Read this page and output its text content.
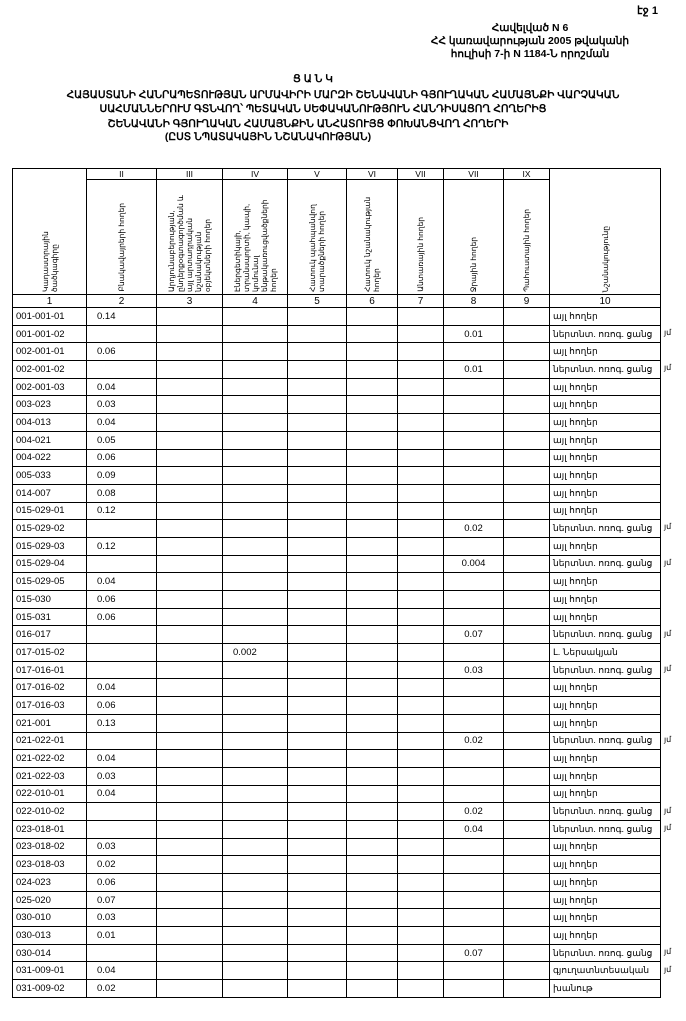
էջ 1
Հավելված N 6
ՀՀ կառավարության 2005 թվականի
հուլիսի 7-ի N 1184-Ն որոշման
Ց Ա Ն Կ
ՀԱՅԱՍՏԱՆԻ ՀԱՆՐԱՊԵՏՈՒԹՅԱՆ ԱՐՄԱՎԻՐԻ ՄԱՐԶԻ ՇԵՆԱՎԱՆԻ ԳՅՈՒՂԱԿԱՆ ՀԱՄԱՅՆՔԻ ՎԱՐՉԱԿԱՆ
ՍԱՀՄԱՆՆԵՐՈՒՄ ԳՏՆՎՈՂ՝ ՊԵՏԱԿԱՆ ՍԵՓԱԿԱՆՈՒԹՅՈՒՆ ՀԱՆԴԻՍԱՑՈՂ ՀՈՂԵՐԻՑ
ՇԵՆԱՎԱՆԻ ԳՅՈՒՂԱԿԱՆ ՀԱՄԱՅՆՔԻՆ ԱՆՀԱՏՈՒՅՑ ՓՈԽԱՆՑՎՈՂ ՀՈՂԵՐԻ
(ԸՍՏ ՆՊԱՏԱԿԱՅԻՆ ՆՇԱՆԱԿՈՒԹՅԱՆ)
Կադաստրային ծածկագիրը	II	III	IV	V	VI	VII	VII	IX	Նշանակությունը

	Բնակավայրերի հողեր	Արդյունաբերության, ընդերքօգտագործման և այլ արտադրական նշանակության օբյեկտների հողեր	Էներգետիկայի, տրանսպորտի, կապի, կոմունալ ենթակառուցվածքների հողեր	Հատուկ պահպանվող տարածքների հողեր	Հատուկ նշանակության հողեր	Անտառային հողեր	Ջրային հողեր	Պահուստային հողեր	

1	2	3	4	5	6	7	8	9	10
001-001-01	0.14								այլ հողեր
001-001-02							0.01		ներտնտ. ոռոգ. ցանց
002-001-01	0.06								այլ հողեր
002-001-02							0.01		ներտնտ. ոռոգ. ցանց
002-001-03	0.04								այլ հողեր
003-023	0.03								այլ հողեր
004-013	0.04								այլ հողեր
004-021	0.05								այլ հողեր
004-022	0.06								այլ հողեր
005-033	0.09								այլ հողեր
014-007	0.08								այլ հողեր
015-029-01	0.12								այլ հողեր
015-029-02							0.02		ներտնտ. ոռոգ. ցանց
015-029-03	0.12								այլ հողեր
015-029-04							0.004		ներտնտ. ոռոգ. ցանց
015-029-05	0.04								այլ հողեր
015-030	0.06								այլ հողեր
015-031	0.06								այլ հողեր
016-017							0.07		ներտնտ. ոռոգ. ցանց
017-015-02			0.002						Լ. Ներսակյան
017-016-01							0.03		ներտնտ. ոռոգ. ցանց
017-016-02	0.04								այլ հողեր
017-016-03	0.06								այլ հողեր
021-001	0.13								այլ հողեր
021-022-01							0.02		ներտնտ. ոռոգ. ցանց
021-022-02	0.04								այլ հողեր
021-022-03	0.03								այլ հողեր
022-010-01	0.04								այլ հողեր
022-010-02							0.02		ներտնտ. ոռոգ. ցանց
023-018-01							0.04		ներտնտ. ոռոգ. ցանց
023-018-02	0.03								այլ հողեր
023-018-03	0.02								այլ հողեր
024-023	0.06								այլ հողեր
025-020	0.07								այլ հողեր
030-010	0.03								այլ հողեր
030-013	0.01								այլ հողեր
030-014							0.07		ներտնտ. ոռոգ. ցանց
031-009-01	0.04								գյուղատնտեսական
031-009-02	0.02								խանութ
յմ
յմ
յմ
յմ
յմ
յմ
յմ
յմ
յմ
յմ
յմ
